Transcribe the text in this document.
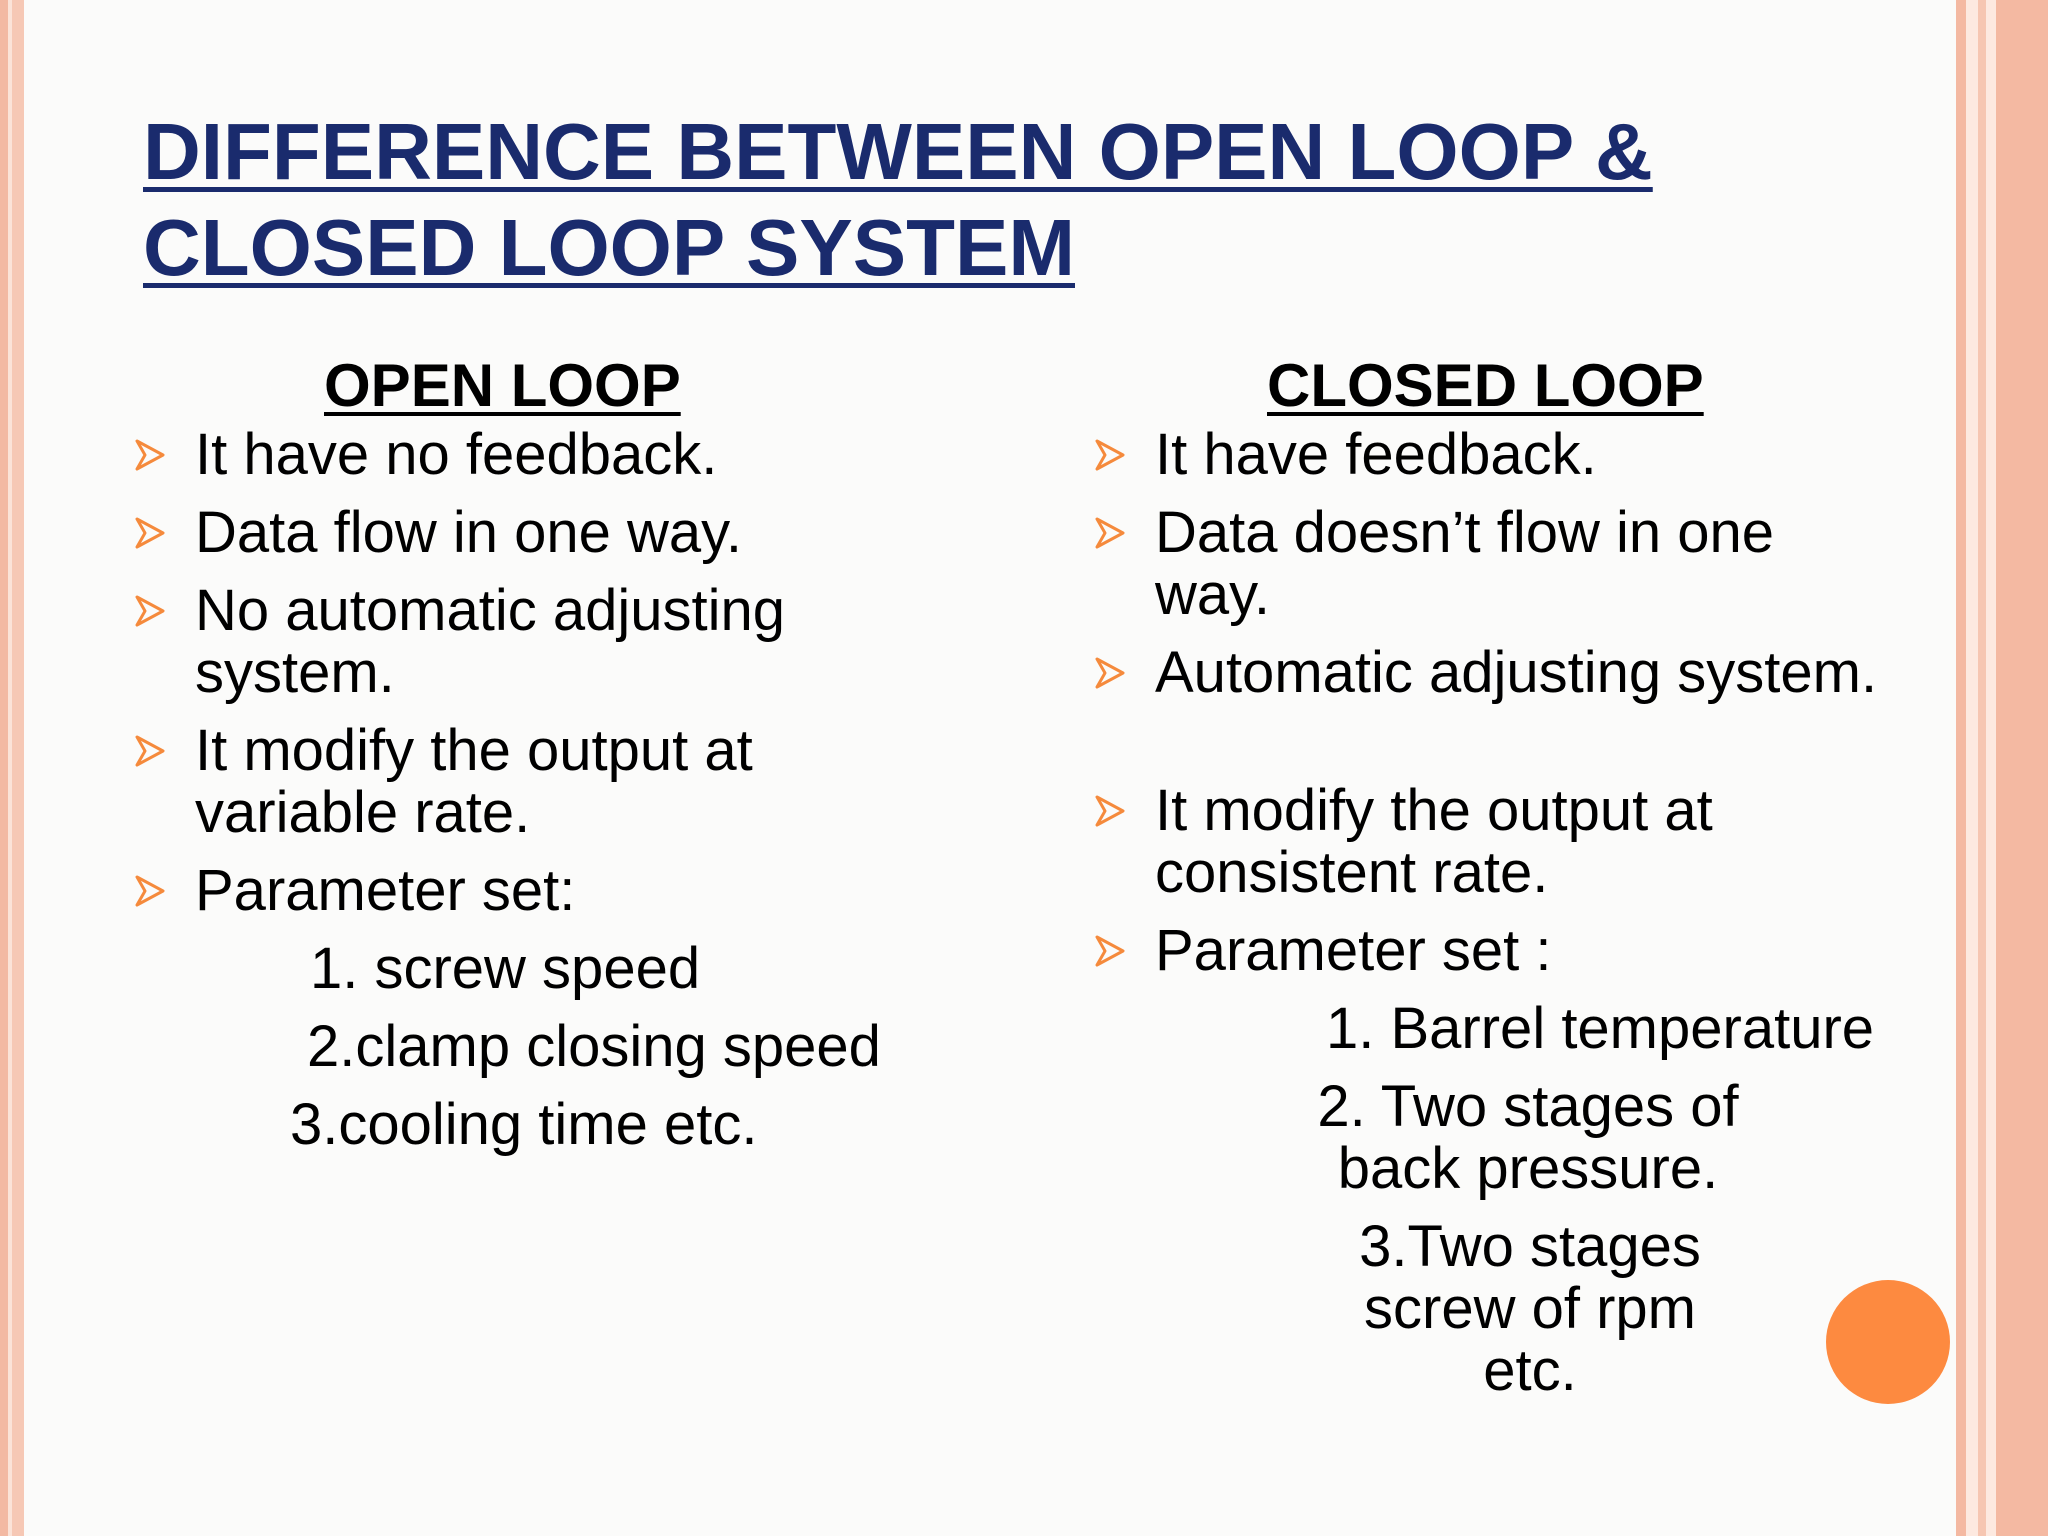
DIFFERENCE BETWEEN OPEN LOOP &
CLOSED LOOP SYSTEM
OPEN LOOP
It have no feedback.
Data flow in one way.
No automatic adjusting system.
It modify the output at variable rate.
Parameter set:
1. screw speed
2.clamp closing speed
3.cooling time etc.
CLOSED LOOP
It have feedback.
Data doesn’t flow in one way.
Automatic adjusting system.
It modify the output at consistent rate.
Parameter set :
1. Barrel temperature
2. Two stages of back pressure.
3.Two stages screw of rpm etc.
